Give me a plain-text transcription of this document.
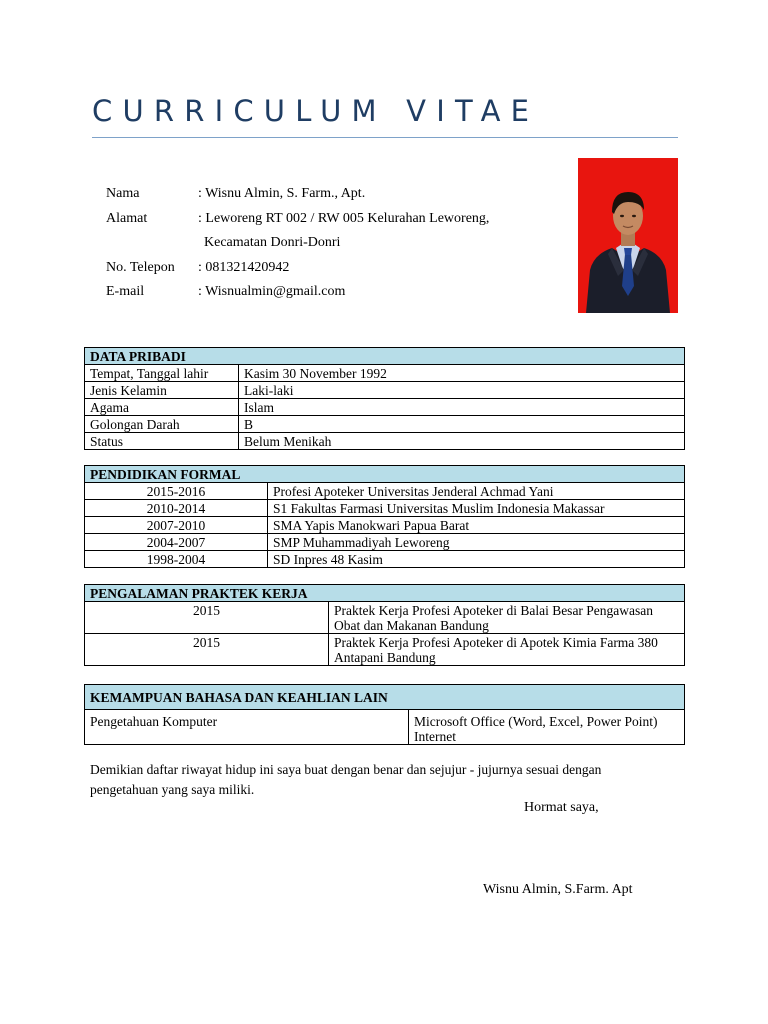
CURRICULUM VITAE
Nama	: Wisnu Almin, S. Farm., Apt.
Alamat	: Leworeng RT 002 / RW 005 Kelurahan Leworeng,
Kecamatan Donri-Donri
No. Telepon	: 081321420942
E-mail	: Wisnualmin@gmail.com
DATA PRIBADI	
Tempat, Tanggal lahir	Kasim 30 November 1992
Jenis Kelamin	Laki-laki
Agama	Islam
Golongan Darah	B
Status	Belum Menikah
PENDIDIKAN FORMAL	
2015-2016	Profesi Apoteker Universitas Jenderal Achmad Yani
2010-2014	S1 Fakultas Farmasi Universitas Muslim Indonesia Makassar
2007-2010	SMA Yapis Manokwari Papua Barat
2004-2007	SMP Muhammadiyah Leworeng
1998-2004	SD Inpres 48 Kasim
PENGALAMAN PRAKTEK KERJA	
2015	Praktek Kerja Profesi Apoteker di Balai Besar Pengawasan
Obat dan Makanan Bandung

2015	Praktek Kerja Profesi Apoteker di Apotek Kimia Farma 380
Antapani Bandung
KEMAMPUAN BAHASA DAN KEAHLIAN LAIN
Pengetahuan Komputer	Microsoft Office (Word, Excel, Power Point)
Internet
Demikian daftar riwayat hidup ini saya buat dengan benar dan sejujur - jujurnya sesuai dengan pengetahuan yang saya miliki.
Hormat saya,
Wisnu Almin, S.Farm. Apt
